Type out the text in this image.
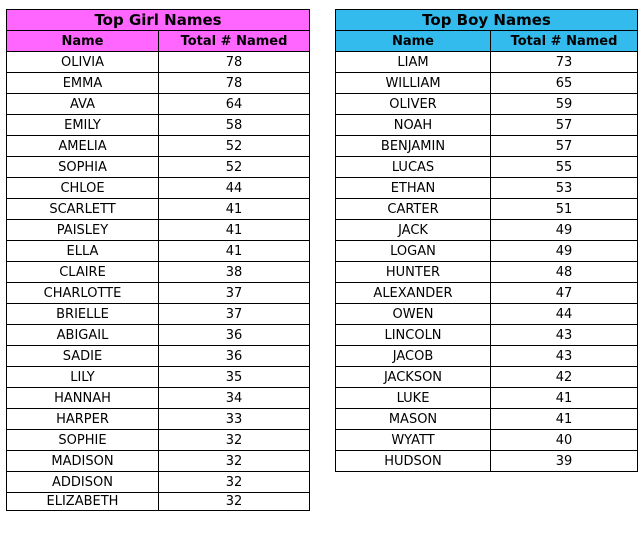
Top Girl Names	
Name	Total # Named
OLIVIA	78
EMMA	78
AVA	64
EMILY	58
AMELIA	52
SOPHIA	52
CHLOE	44
SCARLETT	41
PAISLEY	41
ELLA	41
CLAIRE	38
CHARLOTTE	37
BRIELLE	37
ABIGAIL	36
SADIE	36
LILY	35
HANNAH	34
HARPER	33
SOPHIE	32
MADISON	32
ADDISON	32
ELIZABETH	32
Top Boy Names	
Name	Total # Named
LIAM	73
WILLIAM	65
OLIVER	59
NOAH	57
BENJAMIN	57
LUCAS	55
ETHAN	53
CARTER	51
JACK	49
LOGAN	49
HUNTER	48
ALEXANDER	47
OWEN	44
LINCOLN	43
JACOB	43
JACKSON	42
LUKE	41
MASON	41
WYATT	40
HUDSON	39
